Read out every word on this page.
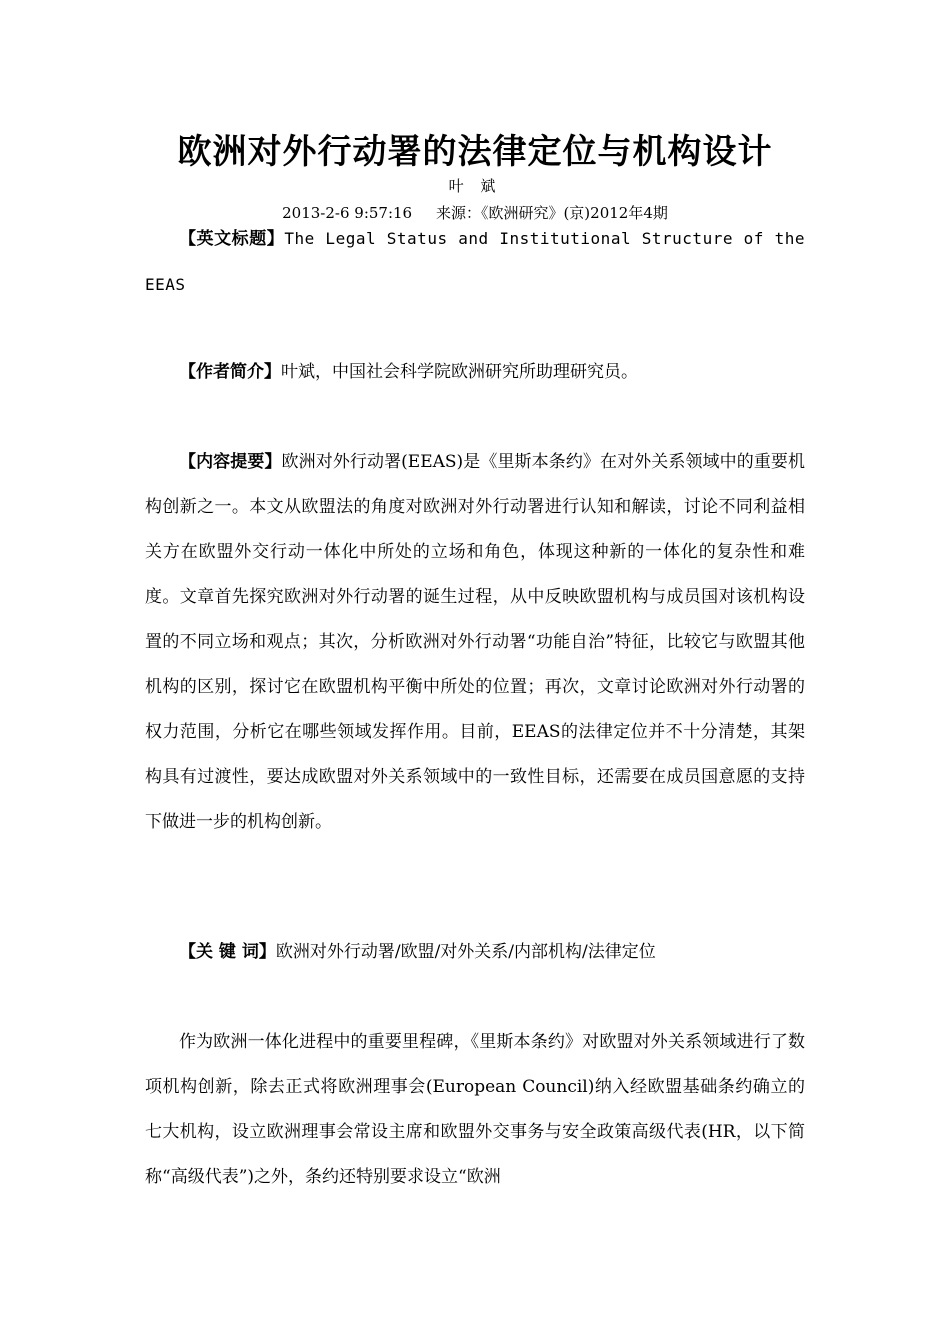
欧洲对外行动署的法律定位与机构设计
叶 斌
2013-2-6 9:57:16     来源：《欧洲研究》(京)2012年4期

【英文标题】The Legal Status and Institutional Structure of the EEAS

【作者简介】叶斌，中国社会科学院欧洲研究所助理研究员。

【内容提要】欧洲对外行动署(EEAS)是《里斯本条约》在对外关系领域中的重要机构创新之一。本文从欧盟法的角度对欧洲对外行动署进行认知和解读，讨论不同利益相关方在欧盟外交行动一体化中所处的立场和角色，体现这种新的一体化的复杂性和难度。文章首先探究欧洲对外行动署的诞生过程，从中反映欧盟机构与成员国对该机构设置的不同立场和观点；其次，分析欧洲对外行动署“功能自治”特征，比较它与欧盟其他机构的区别，探讨它在欧盟机构平衡中所处的位置；再次，文章讨论欧洲对外行动署的权力范围，分析它在哪些领域发挥作用。目前，EEAS的法律定位并不十分清楚，其架构具有过渡性，要达成欧盟对外关系领域中的一致性目标，还需要在成员国意愿的支持下做进一步的机构创新。

【关 键 词】欧洲对外行动署/欧盟/对外关系/内部机构/法律定位

作为欧洲一体化进程中的重要里程碑，《里斯本条约》对欧盟对外关系领域进行了数项机构创新，除去正式将欧洲理事会(European Council)纳入经欧盟基础条约确立的七大机构，设立欧洲理事会常设主席和欧盟外交事务与安全政策高级代表(HR，以下简称“高级代表”)之外，条约还特别要求设立“欧洲
